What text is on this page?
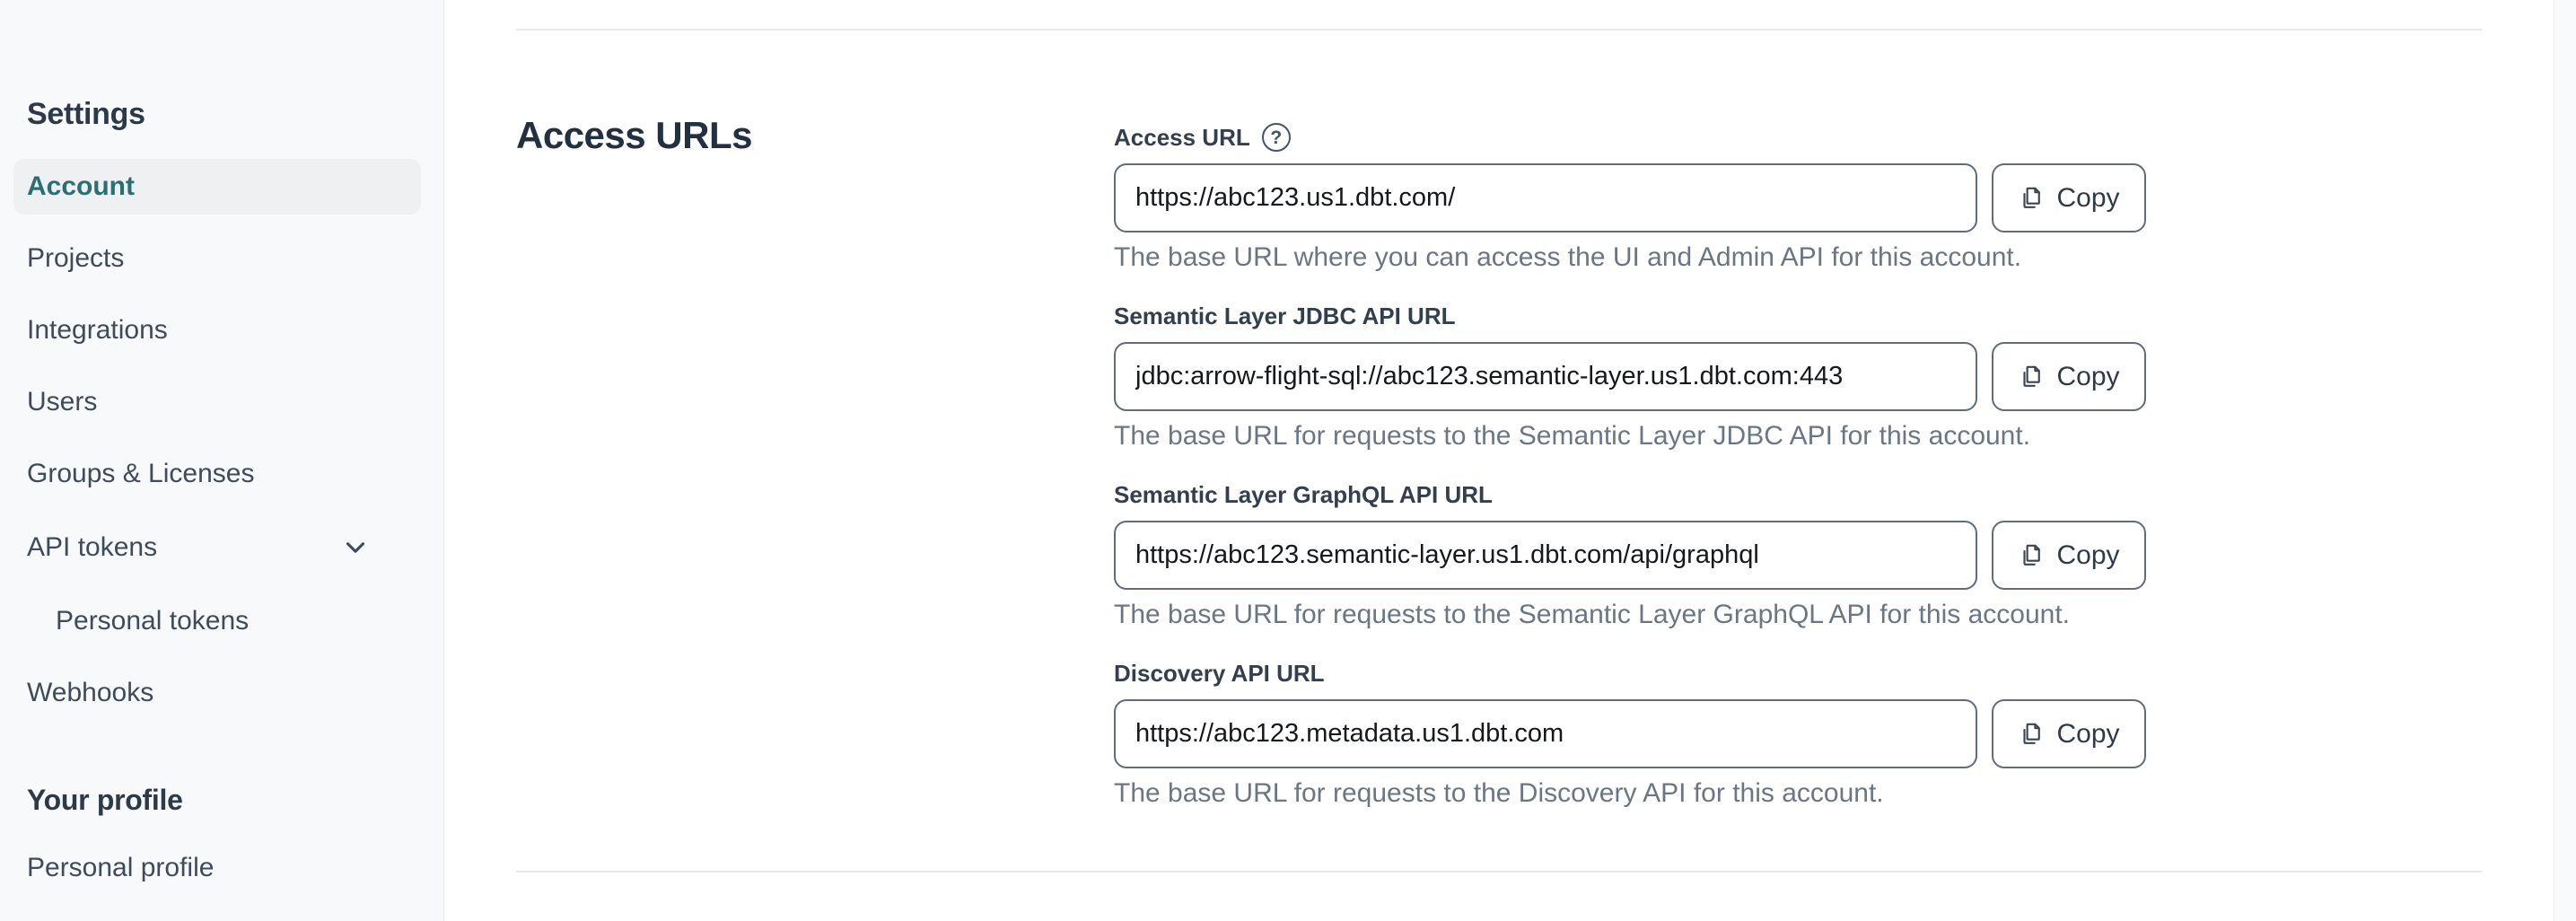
Settings
Account
Projects
Integrations
Users
Groups & Licenses
API tokens
Personal tokens
Webhooks
Your profile
Personal profile
Access URLs	Access URL	?
https://abc123.us1.dbt.com/
Copy
The base URL where you can access the UI and Admin API for this account.
Semantic Layer JDBC API URL
jdbc:arrow-flight-sql://abc123.semantic-layer.us1.dbt.com:443
Copy
The base URL for requests to the Semantic Layer JDBC API for this account.
Semantic Layer GraphQL API URL
https://abc123.semantic-layer.us1.dbt.com/api/graphql
Copy
The base URL for requests to the Semantic Layer GraphQL API for this account.
Discovery API URL
https://abc123.metadata.us1.dbt.com
Copy
The base URL for requests to the Discovery API for this account.
